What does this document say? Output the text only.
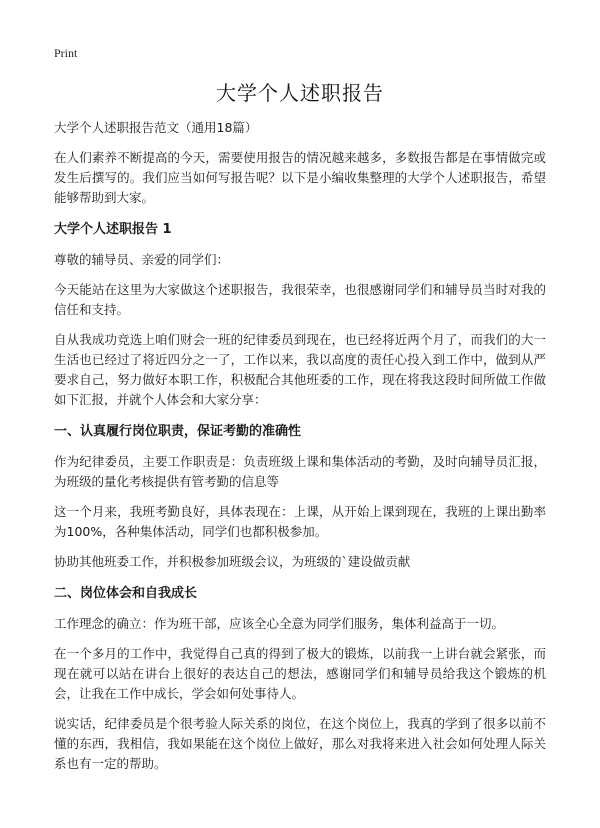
Print

大学个人述职报告

大学个人述职报告范文（通用18篇）

在人们素养不断提高的今天，需要使用报告的情况越来越多，多数报告都是在事情做完或发生后撰写的。我们应当如何写报告呢？以下是小编收集整理的大学个人述职报告，希望能够帮助到大家。

大学个人述职报告 1

尊敬的辅导员、亲爱的同学们：

今天能站在这里为大家做这个述职报告，我很荣幸，也很感谢同学们和辅导员当时对我的信任和支持。

自从我成功竞选上咱们财会一班的纪律委员到现在，也已经将近两个月了，而我们的大一生活也已经过了将近四分之一了，工作以来，我以高度的责任心投入到工作中，做到从严要求自己，努力做好本职工作，积极配合其他班委的工作，现在将我这段时间所做工作做如下汇报，并就个人体会和大家分享：

一、认真履行岗位职责，保证考勤的准确性

作为纪律委员，主要工作职责是：负责班级上课和集体活动的考勤，及时向辅导员汇报，为班级的量化考核提供有管考勤的信息等

这一个月来，我班考勤良好，具体表现在：上课，从开始上课到现在，我班的上课出勤率为100%，各种集体活动，同学们也都积极参加。

协助其他班委工作，并积极参加班级会议，为班级的`建设做贡献

二、岗位体会和自我成长

工作理念的确立：作为班干部，应该全心全意为同学们服务，集体利益高于一切。

在一个多月的工作中，我觉得自己真的得到了极大的锻炼，以前我一上讲台就会紧张，而现在就可以站在讲台上很好的表达自己的想法，感谢同学们和辅导员给我这个锻炼的机会，让我在工作中成长，学会如何处事待人。

说实话，纪律委员是个很考验人际关系的岗位，在这个岗位上，我真的学到了很多以前不懂的东西，我相信，我如果能在这个岗位上做好，那么对我将来进入社会如何处理人际关系也有一定的帮助。
